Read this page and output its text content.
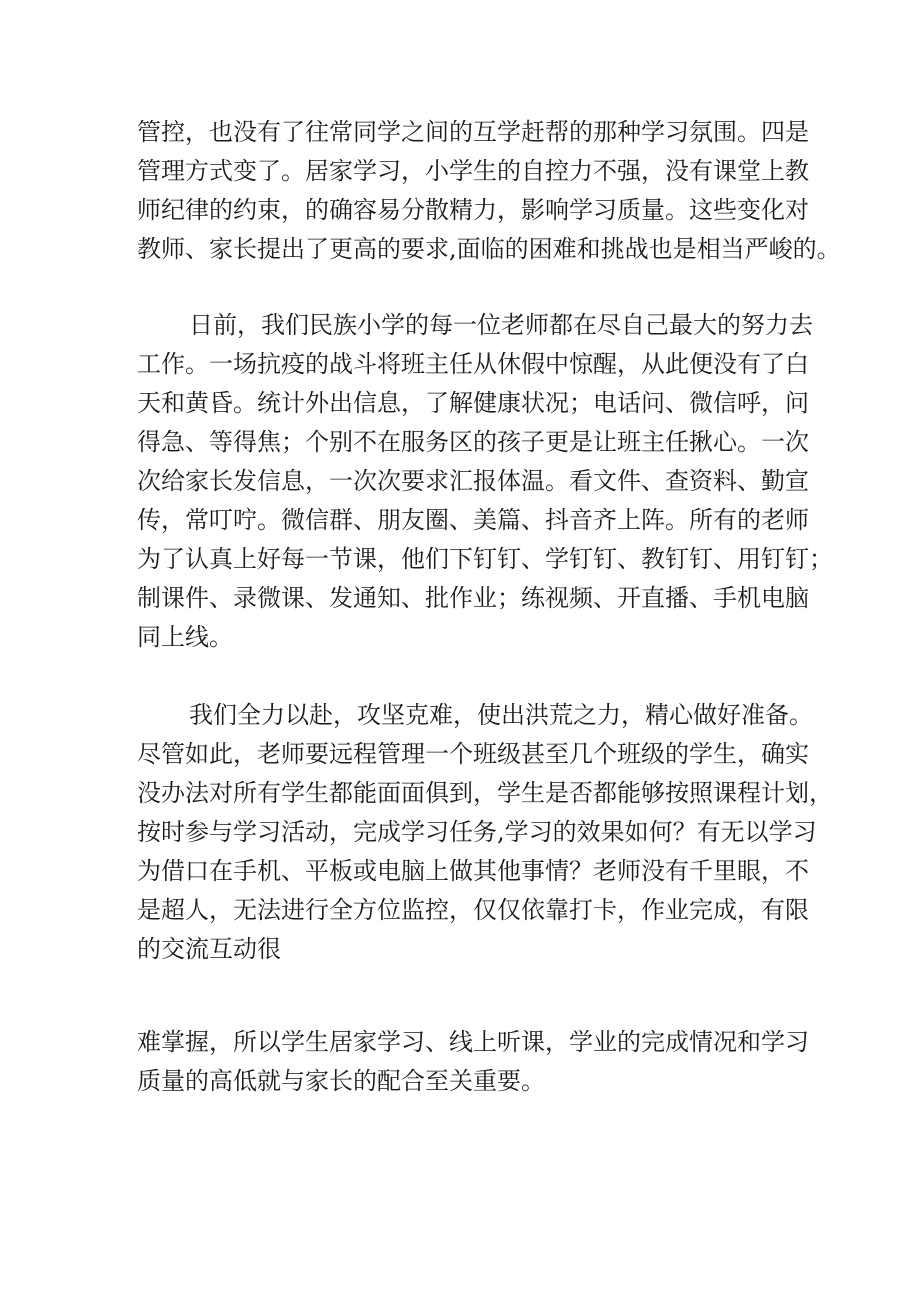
管控，也没有了往常同学之间的互学赶帮的那种学习氛围。四是
管理方式变了。居家学习，小学生的自控力不强，没有课堂上教
师纪律的约束，的确容易分散精力，影响学习质量。这些变化对
教师、家长提出了更高的要求,面临的困难和挑战也是相当严峻的。

日前，我们民族小学的每一位老师都在尽自己最大的努力去
工作。一场抗疫的战斗将班主任从休假中惊醒，从此便没有了白
天和黄昏。统计外出信息，了解健康状况；电话问、微信呼，问
得急、等得焦；个别不在服务区的孩子更是让班主任揪心。一次
次给家长发信息，一次次要求汇报体温。看文件、查资料、勤宣
传，常叮咛。微信群、朋友圈、美篇、抖音齐上阵。所有的老师
为了认真上好每一节课，他们下钉钉、学钉钉、教钉钉、用钉钉；
制课件、录微课、发通知、批作业；练视频、开直播、手机电脑
同上线。

我们全力以赴，攻坚克难，使出洪荒之力，精心做好准备。
尽管如此，老师要远程管理一个班级甚至几个班级的学生，确实
没办法对所有学生都能面面俱到，学生是否都能够按照课程计划，
按时参与学习活动，完成学习任务,学习的效果如何？有无以学习
为借口在手机、平板或电脑上做其他事情？老师没有千里眼，不
是超人，无法进行全方位监控，仅仅依靠打卡，作业完成，有限
的交流互动很

难掌握，所以学生居家学习、线上听课，学业的完成情况和学习
质量的高低就与家长的配合至关重要。
